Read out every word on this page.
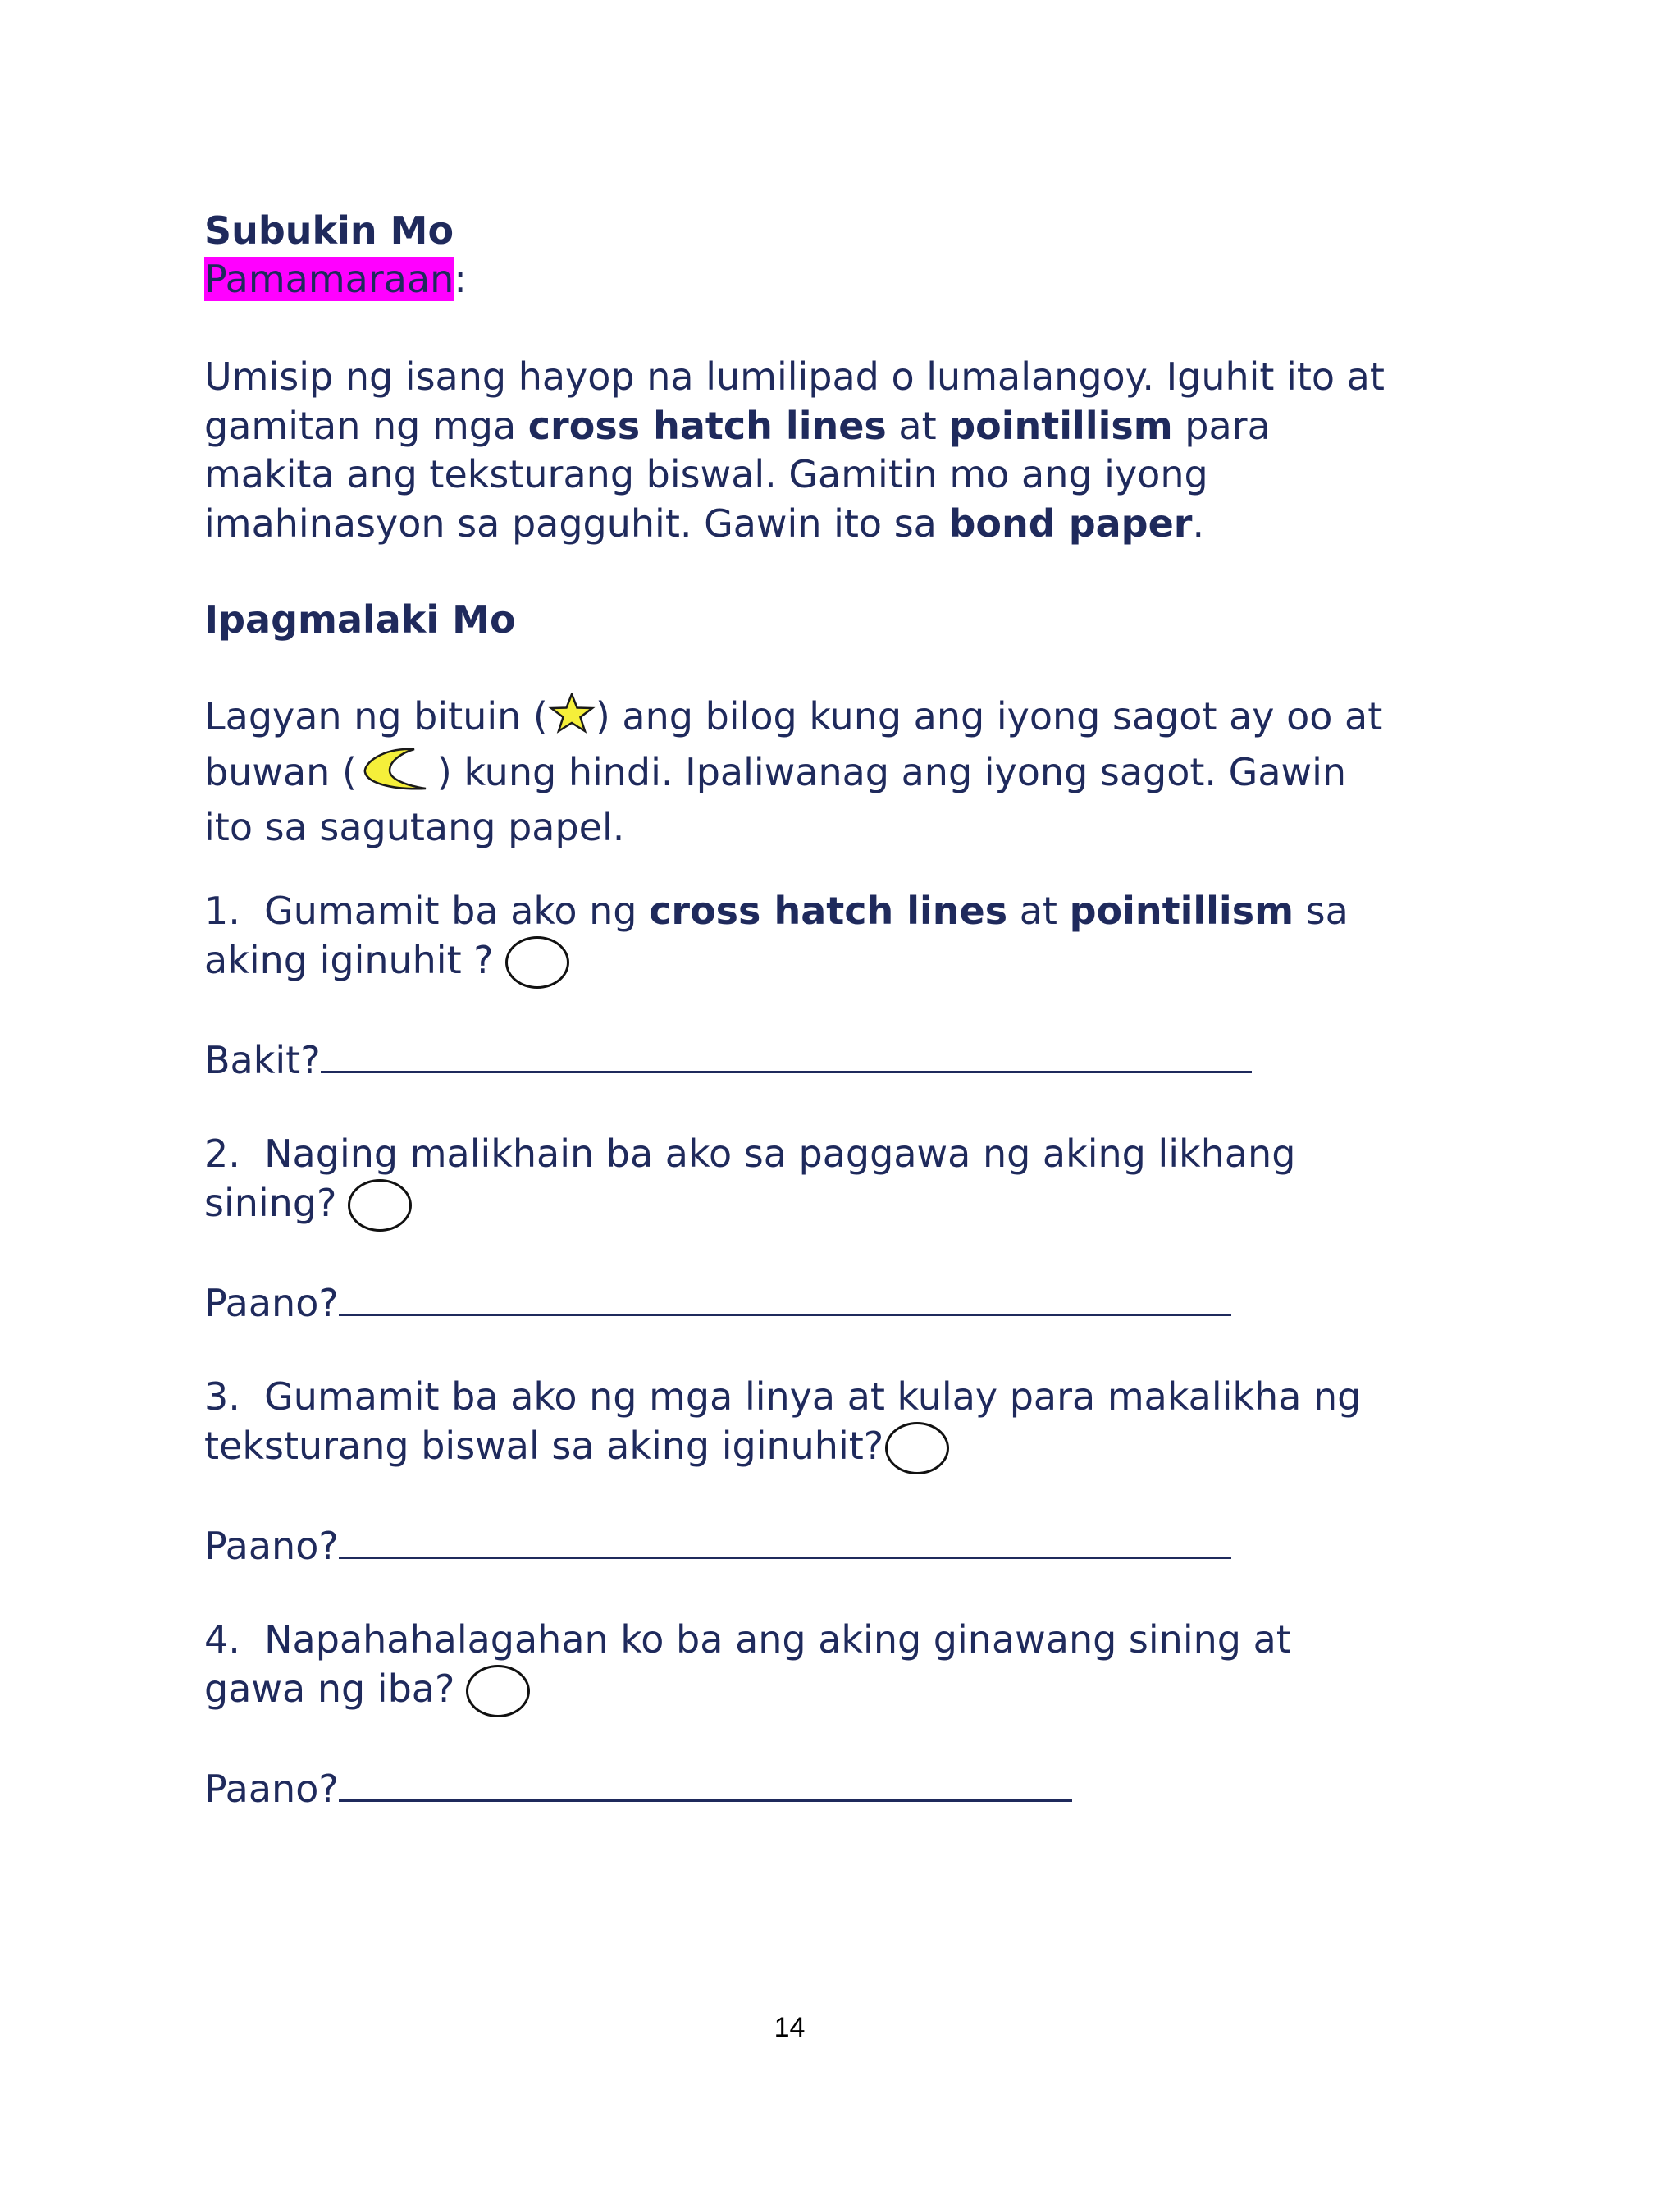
Subukin Mo
Pamamaraan:
Umisip ng isang hayop na lumilipad o lumalangoy. Iguhit ito at gamitan ng mga cross hatch lines at pointillism para makita ang teksturang biswal. Gamitin mo ang iyong imahinasyon sa pagguhit. Gawin ito sa bond paper.
Ipagmalaki Mo
Lagyan ng bituin ( ) ang bilog kung ang iyong sagot ay oo at buwan ( ) kung hindi. Ipaliwanag ang iyong sagot. Gawin ito sa sagutang papel.
1. Gumamit ba ako ng cross hatch lines at pointillism sa aking iginuhit ?
Bakit?
2. Naging malikhain ba ako sa paggawa ng aking likhang sining?
Paano?
3. Gumamit ba ako ng mga linya at kulay para makalikha ng teksturang biswal sa aking iginuhit?
Paano?
4. Napahahalagahan ko ba ang aking ginawang sining at gawa ng iba?
Paano?
14
